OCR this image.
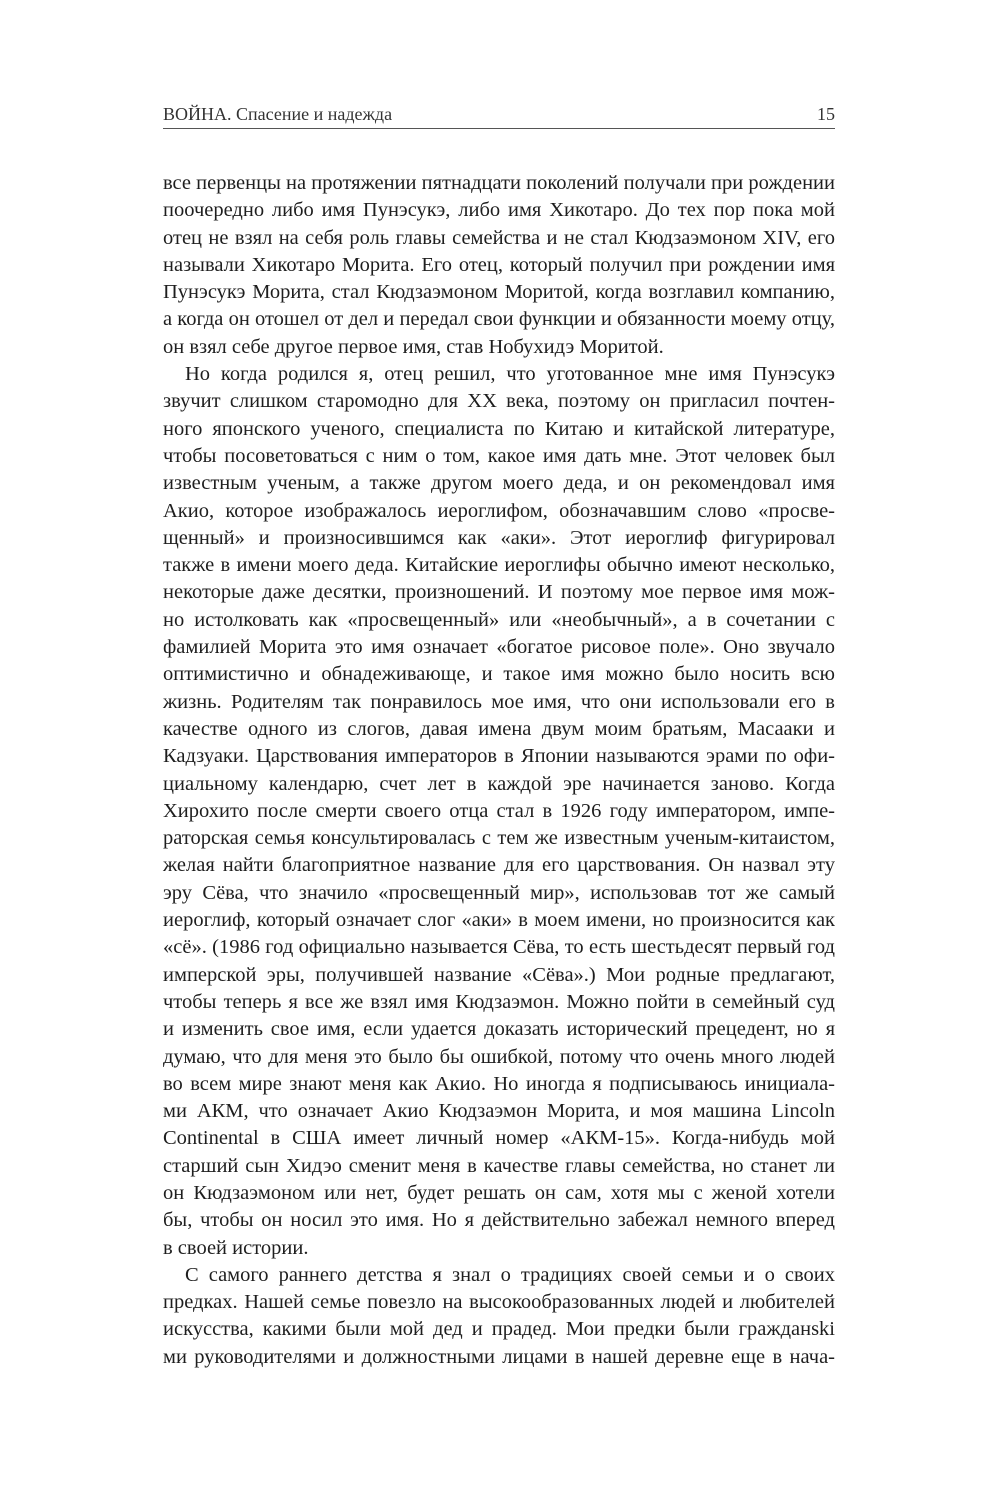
ВОЙНА. Спасение и надежда	15
все первенцы на протяжении пятнадцати поколений получали при рождении
поочередно либо имя Пунэсукэ, либо имя Хикотаро. До тех пор пока мой
отец не взял на себя роль главы семейства и не стал Кюдзаэмоном XIV, его
называли Хикотаро Морита. Его отец, который получил при рождении имя
Пунэсукэ Морита, стал Кюдзаэмоном Моритой, когда возглавил компанию,
а когда он отошел от дел и передал свои функции и обязанности моему отцу,
он взял себе другое первое имя, став Нобухидэ Моритой.
Но когда родился я, отец решил, что уготованное мне имя Пунэсукэ
звучит слишком старомодно для XX века, поэтому он пригласил почтен-
ного японского ученого, специалиста по Китаю и китайской литературе,
чтобы посоветоваться с ним о том, какое имя дать мне. Этот человек был
известным ученым, а также другом моего деда, и он рекомендовал имя
Акио, которое изображалось иероглифом, обозначавшим слово «просве-
щенный» и произносившимся как «аки». Этот иероглиф фигурировал
также в имени моего деда. Китайские иероглифы обычно имеют несколько,
некоторые даже десятки, произношений. И поэтому мое первое имя мож-
но истолковать как «просвещенный» или «необычный», а в сочетании с
фамилией Морита это имя означает «богатое рисовое поле». Оно звучало
оптимистично и обнадеживающе, и такое имя можно было носить всю
жизнь. Родителям так понравилось мое имя, что они использовали его в
качестве одного из слогов, давая имена двум моим братьям, Масааки и
Кадзуаки. Царствования императоров в Японии называются эрами по офи-
циальному календарю, счет лет в каждой эре начинается заново. Когда
Хирохито после смерти своего отца стал в 1926 году императором, импе-
раторская семья консультировалась с тем же известным ученым-китаистом,
желая найти благоприятное название для его царствования. Он назвал эту
эру Сёва, что значило «просвещенный мир», использовав тот же самый
иероглиф, который означает слог «аки» в моем имени, но произносится как
«сё». (1986 год официально называется Сёва, то есть шестьдесят первый год
имперской эры, получившей название «Сёва».) Мои родные предлагают,
чтобы теперь я все же взял имя Кюдзаэмон. Можно пойти в семейный суд
и изменить свое имя, если удается доказать исторический прецедент, но я
думаю, что для меня это было бы ошибкой, потому что очень много людей
во всем мире знают меня как Акио. Но иногда я подписываюсь инициала-
ми АКМ, что означает Акио Кюдзаэмон Морита, и моя машина Lincoln
Continental в США имеет личный номер «АКМ-15». Когда-нибудь мой
старший сын Хидэо сменит меня в качестве главы семейства, но станет ли
он Кюдзаэмоном или нет, будет решать он сам, хотя мы с женой хотели
бы, чтобы он носил это имя. Но я действительно забежал немного вперед
в своей истории.
С самого раннего детства я знал о традициях своей семьи и о своих
предках. Нашей семье повезло на высокообразованных людей и любителей
искусства, какими были мой дед и прадед. Мои предки были гражданski
ми руководителями и должностными лицами в нашей деревне еще в нача-
